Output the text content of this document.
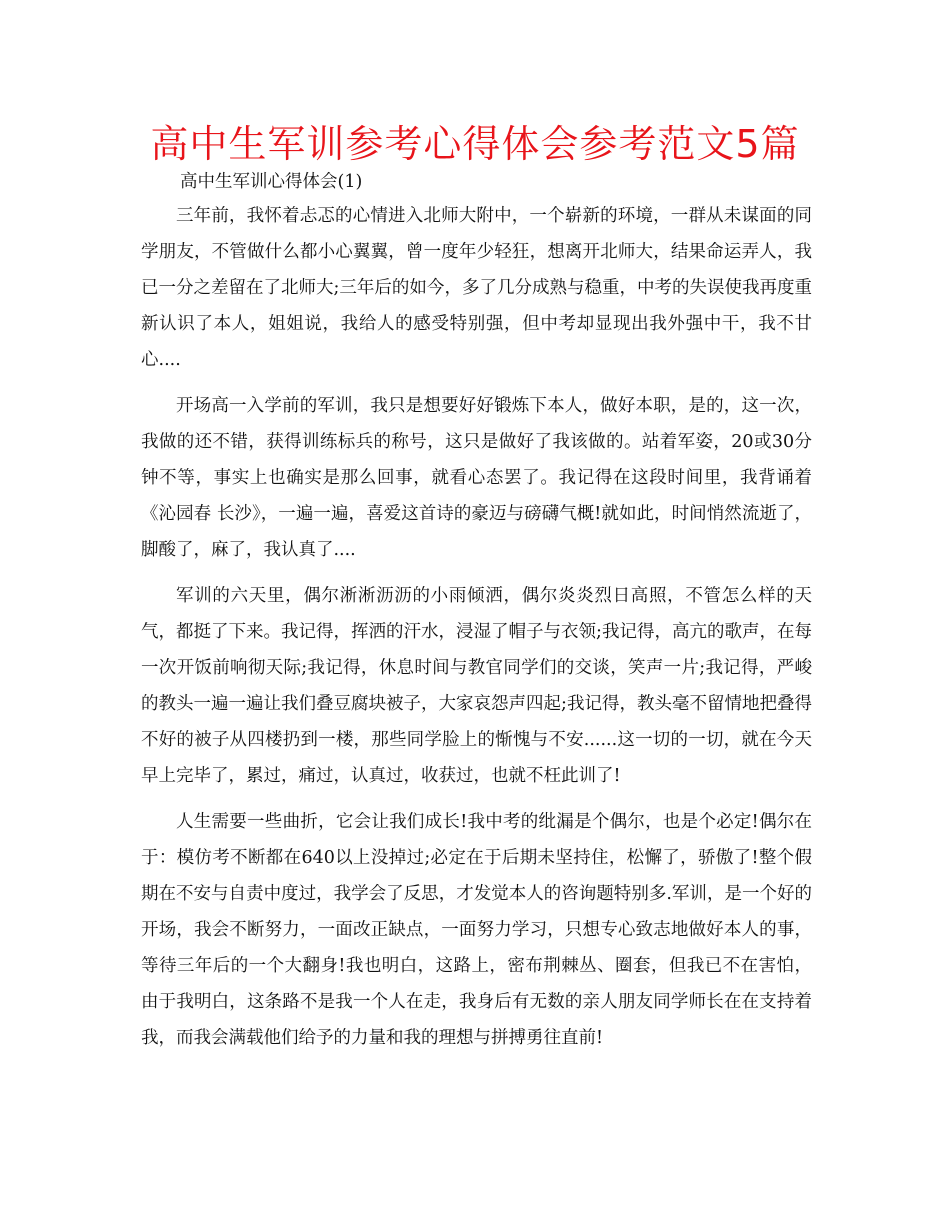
高中生军训参考心得体会参考范文5篇
高中生军训心得体会(1)

三年前，我怀着忐忑的心情进入北师大附中，一个崭新的环境，一群从未谋面的同学朋友，不管做什么都小心翼翼，曾一度年少轻狂，想离开北师大，结果命运弄人，我已一分之差留在了北师大;三年后的如今，多了几分成熟与稳重，中考的失误使我再度重新认识了本人，姐姐说，我给人的感受特别强，但中考却显现出我外强中干，我不甘心....

开场高一入学前的军训，我只是想要好好锻炼下本人，做好本职，是的，这一次，我做的还不错，获得训练标兵的称号，这只是做好了我该做的。站着军姿，20或30分钟不等，事实上也确实是那么回事，就看心态罢了。我记得在这段时间里，我背诵着《沁园春 长沙》，一遍一遍，喜爱这首诗的豪迈与磅礴气概!就如此，时间悄然流逝了，脚酸了，麻了，我认真了....

军训的六天里，偶尔淅淅沥沥的小雨倾洒，偶尔炎炎烈日高照，不管怎么样的天气，都挺了下来。我记得，挥洒的汗水，浸湿了帽子与衣领;我记得，高亢的歌声，在每一次开饭前响彻天际;我记得，休息时间与教官同学们的交谈，笑声一片;我记得，严峻的教头一遍一遍让我们叠豆腐块被子，大家哀怨声四起;我记得，教头毫不留情地把叠得不好的被子从四楼扔到一楼，那些同学脸上的惭愧与不安......这一切的一切，就在今天早上完毕了，累过，痛过，认真过，收获过，也就不枉此训了!

人生需要一些曲折，它会让我们成长!我中考的纰漏是个偶尔，也是个必定!偶尔在于：模仿考不断都在640以上没掉过;必定在于后期未坚持住，松懈了，骄傲了!整个假期在不安与自责中度过，我学会了反思，才发觉本人的咨询题特别多.军训，是一个好的开场，我会不断努力，一面改正缺点，一面努力学习，只想专心致志地做好本人的事，等待三年后的一个大翻身!我也明白，这路上，密布荆棘丛、圈套，但我已不在害怕，由于我明白，这条路不是我一个人在走，我身后有无数的亲人朋友同学师长在在支持着我，而我会满载他们给予的力量和我的理想与拼搏勇往直前!
